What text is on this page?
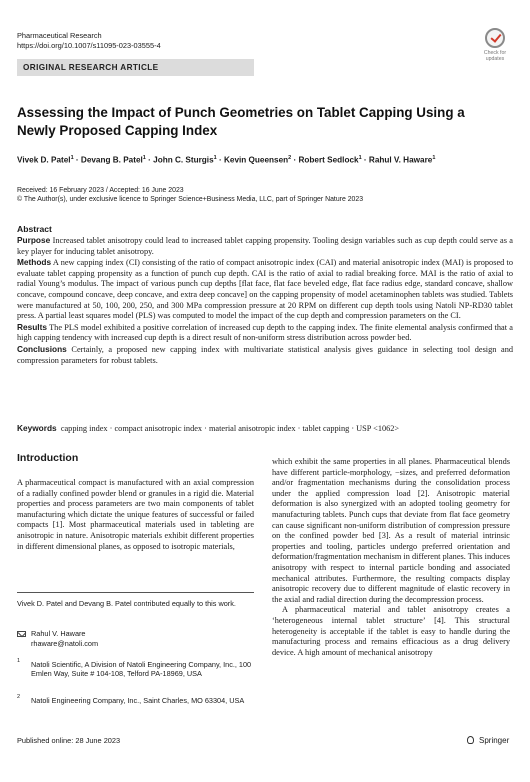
Pharmaceutical Research
https://doi.org/10.1007/s11095-023-03555-4
Check for
updates
ORIGINAL RESEARCH ARTICLE
Assessing the Impact of Punch Geometries on Tablet Capping Using a Newly Proposed Capping Index
Vivek D. Patel$^1$ · Devang B. Patel$^1$ · John C. Sturgis$^1$ · Kevin Queensen$^2$ · Robert Sedlock$^1$ · Rahul V. Haware$^1$
Received: 16 February 2023 / Accepted: 16 June 2023
© The Author(s), under exclusive licence to Springer Science+Business Media, LLC, part of Springer Nature 2023
Abstract

Purpose Increased tablet anisotropy could lead to increased tablet capping propensity. Tooling design variables such as cup depth could serve as a key player for inducing tablet anisotropy.

Methods A new capping index (CI) consisting of the ratio of compact anisotropic index (CAI) and material anisotropic index (MAI) is proposed to evaluate tablet capping propensity as a function of punch cup depth. CAI is the ratio of axial to radial breaking force. MAI is the ratio of axial to radial Young’s modulus. The impact of various punch cup depths [flat face, flat face beveled edge, flat face radius edge, standard concave, shallow concave, compound concave, deep concave, and extra deep concave] on the capping propensity of model acetaminophen tablets was studied. Tablets were manufactured at 50, 100, 200, 250, and 300 MPa compression pressure at 20 RPM on different cup depth tools using Natoli NP-RD30 tablet press. A partial least squares model (PLS) was computed to model the impact of the cup depth and compression parameters on the CI.

Results The PLS model exhibited a positive correlation of increased cup depth to the capping index. The finite elemental analysis confirmed that a high capping tendency with increased cup depth is a direct result of non-uniform stress distribution across powder bed.

Conclusions Certainly, a proposed new capping index with multivariate statistical analysis gives guidance in selecting tool design and compression parameters for robust tablets.

Keywords capping index · compact anisotropic index · material anisotropic index · tablet capping · USP <1062>
Introduction

A pharmaceutical compact is manufactured with an axial compression of a radially confined powder blend or granules in a rigid die. Material properties and process parameters are two main components of tablet manufacturing which dictate the unique features of successful or failed compacts [1]. Most pharmaceutical materials used in tableting are anisotropic in nature. Anisotropic materials exhibit different properties in different dimensional planes, as opposed to isotropic materials,

which exhibit the same properties in all planes. Pharmaceutical blends have different particle-morphology, −sizes, and preferred deformation and/or fragmentation mechanisms during the consolidation process under the applied compression load [2]. Anisotropic material deformation is also synergized with an adopted tooling geometry for manufacturing tablets. Punch cups that deviate from flat face geometry can cause significant non-uniform distribution of compression pressure on the confined powder bed [3]. As a result of material intrinsic properties and tooling, particles undergo preferred orientation and deformation/fragmentation mechanism in different planes. This induces anisotropy with respect to internal particle bonding and associated mechanical attributes. Furthermore, the resulting compacts display anisotropic recovery due to different magnitude of elastic recovery in the axial and radial direction during the decompression process.

A pharmaceutical material and tablet anisotropy creates a ‘heterogeneous internal tablet structure’ [4]. This structural heterogeneity is acceptable if the tablet is easy to handle during the manufacturing process and remains efficacious as a drug delivery device. A high amount of mechanical anisotropy

Vivek D. Patel and Devang B. Patel contributed equally to this work.
Rahul V. Haware
rhaware@natoli.com
1 Natoli Scientific, A Division of Natoli Engineering Company, Inc., 100 Emlen Way, Suite # 104-108, Telford PA-18969, USA
2 Natoli Engineering Company, Inc., Saint Charles, MO 63304, USA
Published online: 28 June 2023	Springer
